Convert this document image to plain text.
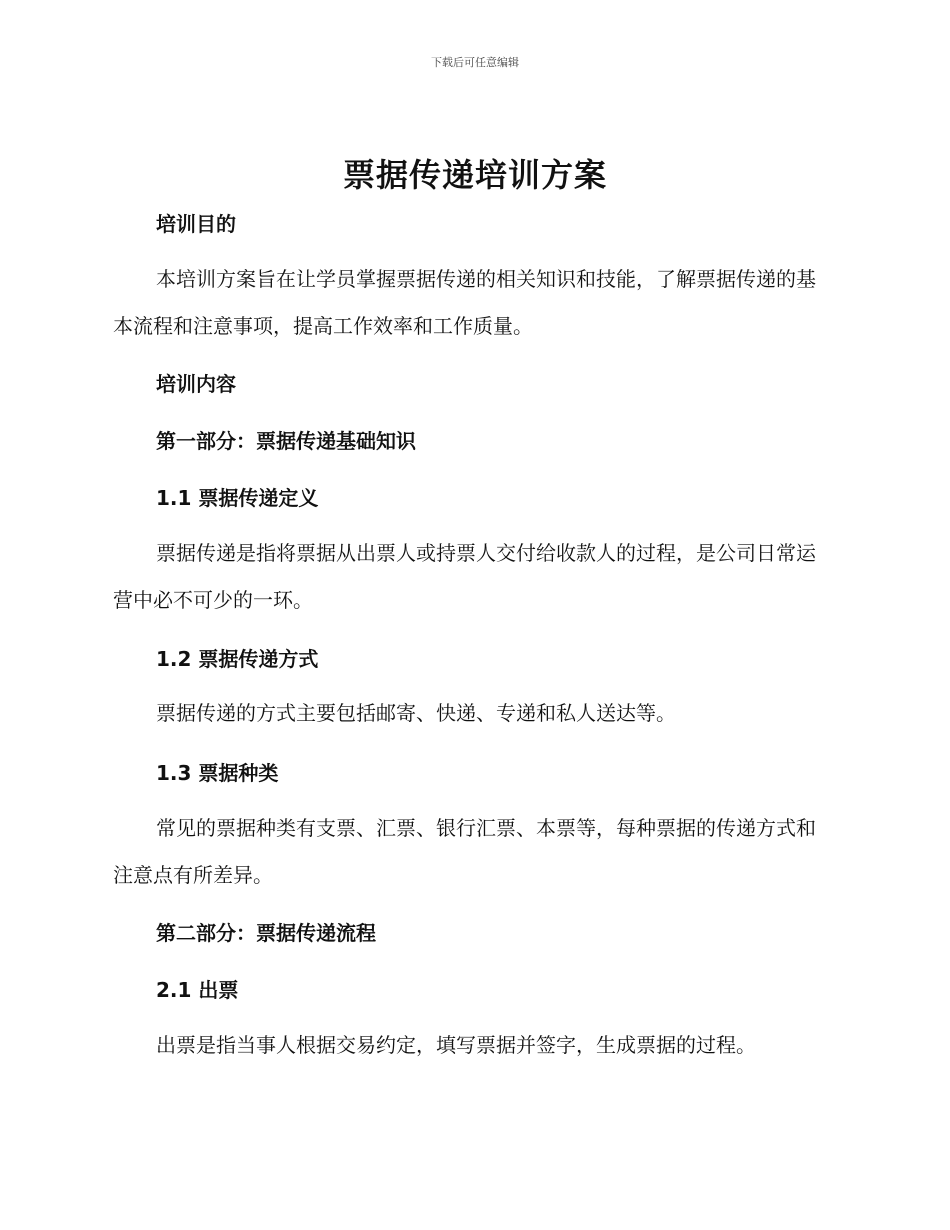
下载后可任意编辑
票据传递培训方案
培训目的

本培训方案旨在让学员掌握票据传递的相关知识和技能，了解票据传递的基本流程和注意事项，提高工作效率和工作质量。

培训内容
第一部分：票据传递基础知识
1.1 票据传递定义

票据传递是指将票据从出票人或持票人交付给收款人的过程，是公司日常运营中必不可少的一环。

1.2 票据传递方式

票据传递的方式主要包括邮寄、快递、专递和私人送达等。

1.3 票据种类

常见的票据种类有支票、汇票、银行汇票、本票等，每种票据的传递方式和注意点有所差异。

第二部分：票据传递流程
2.1 出票

出票是指当事人根据交易约定，填写票据并签字，生成票据的过程。
